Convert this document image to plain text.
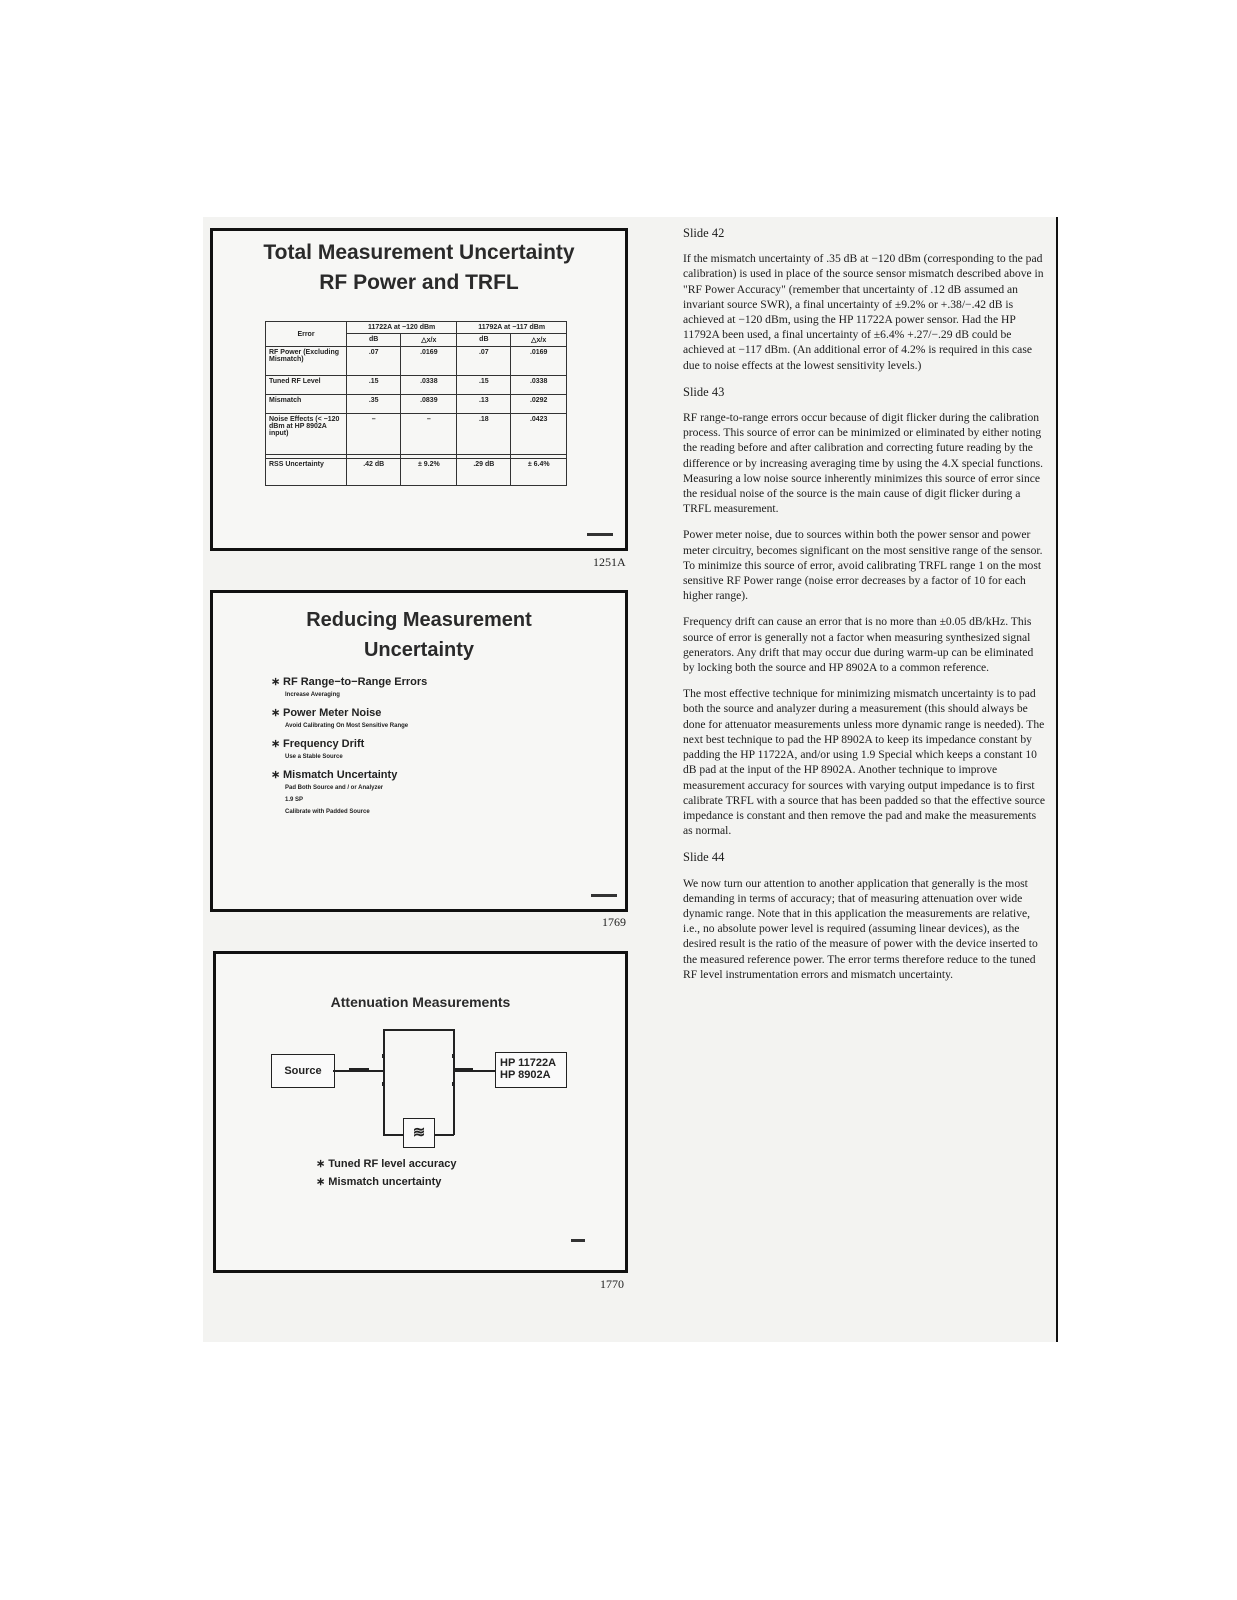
Total Measurement Uncertainty
RF Power and TRFL
Error	11722A at −120 dBm		11792A at −117 dBm	
	dB	△x/x	dB	△x/x
RF Power (Excluding Mismatch)	.07	.0169	.07	.0169
Tuned RF Level	.15	.0338	.15	.0338
Mismatch	.35	.0839	.13	.0292
Noise Effects (< −120 dBm at HP 8902A input)	–	–	.18	.0423

RSS Uncertainty	.42 dB	± 9.2%	.29 dB	± 6.4%
1251A
Reducing Measurement
Uncertainty
∗ RF Range−to−Range Errors
Increase Averaging
∗ Power Meter Noise
Avoid Calibrating On Most Sensitive Range
∗ Frequency Drift
Use a Stable Source
∗ Mismatch Uncertainty
Pad Both Source and / or Analyzer
1.9 SP
Calibrate with Padded Source
1769
Attenuation Measurements
Source
HP 11722A
HP 8902A
≋
∗ Tuned RF level accuracy
∗ Mismatch uncertainty
1770
Slide 42

If the mismatch uncertainty of .35 dB at −120 dBm (corresponding to the pad calibration) is used in place of the source sensor mismatch described above in "RF Power Accuracy" (remember that uncertainty of .12 dB assumed an invariant source SWR), a final uncertainty of ±9.2% or +.38/−.42 dB is achieved at −120 dBm, using the HP 11722A power sensor. Had the HP 11792A been used, a final uncertainty of ±6.4% +.27/−.29 dB could be achieved at −117 dBm. (An additional error of 4.2% is required in this case due to noise effects at the lowest sensitivity levels.)

Slide 43

RF range-to-range errors occur because of digit flicker during the calibration process. This source of error can be minimized or eliminated by either noting the reading before and after calibration and correcting future reading by the difference or by increasing averaging time by using the 4.X special functions. Measuring a low noise source inherently minimizes this source of error since the residual noise of the source is the main cause of digit flicker during a TRFL measurement.

Power meter noise, due to sources within both the power sensor and power meter circuitry, becomes significant on the most sensitive range of the sensor. To minimize this source of error, avoid calibrating TRFL range 1 on the most sensitive RF Power range (noise error decreases by a factor of 10 for each higher range).

Frequency drift can cause an error that is no more than ±0.05 dB/kHz. This source of error is generally not a factor when measuring synthesized signal generators. Any drift that may occur due during warm-up can be eliminated by locking both the source and HP 8902A to a common reference.

The most effective technique for minimizing mismatch uncertainty is to pad both the source and analyzer during a measurement (this should always be done for attenuator measurements unless more dynamic range is needed). The next best technique to pad the HP 8902A to keep its impedance constant by padding the HP 11722A, and/or using 1.9 Special which keeps a constant 10 dB pad at the input of the HP 8902A. Another technique to improve measurement accuracy for sources with varying output impedance is to first calibrate TRFL with a source that has been padded so that the effective source impedance is constant and then remove the pad and make the measurements as normal.

Slide 44

We now turn our attention to another application that generally is the most demanding in terms of accuracy; that of measuring attenuation over wide dynamic range. Note that in this application the measurements are relative, i.e., no absolute power level is required (assuming linear devices), as the desired result is the ratio of the measure of power with the device inserted to the measured reference power. The error terms therefore reduce to the tuned RF level instrumentation errors and mismatch uncertainty.
